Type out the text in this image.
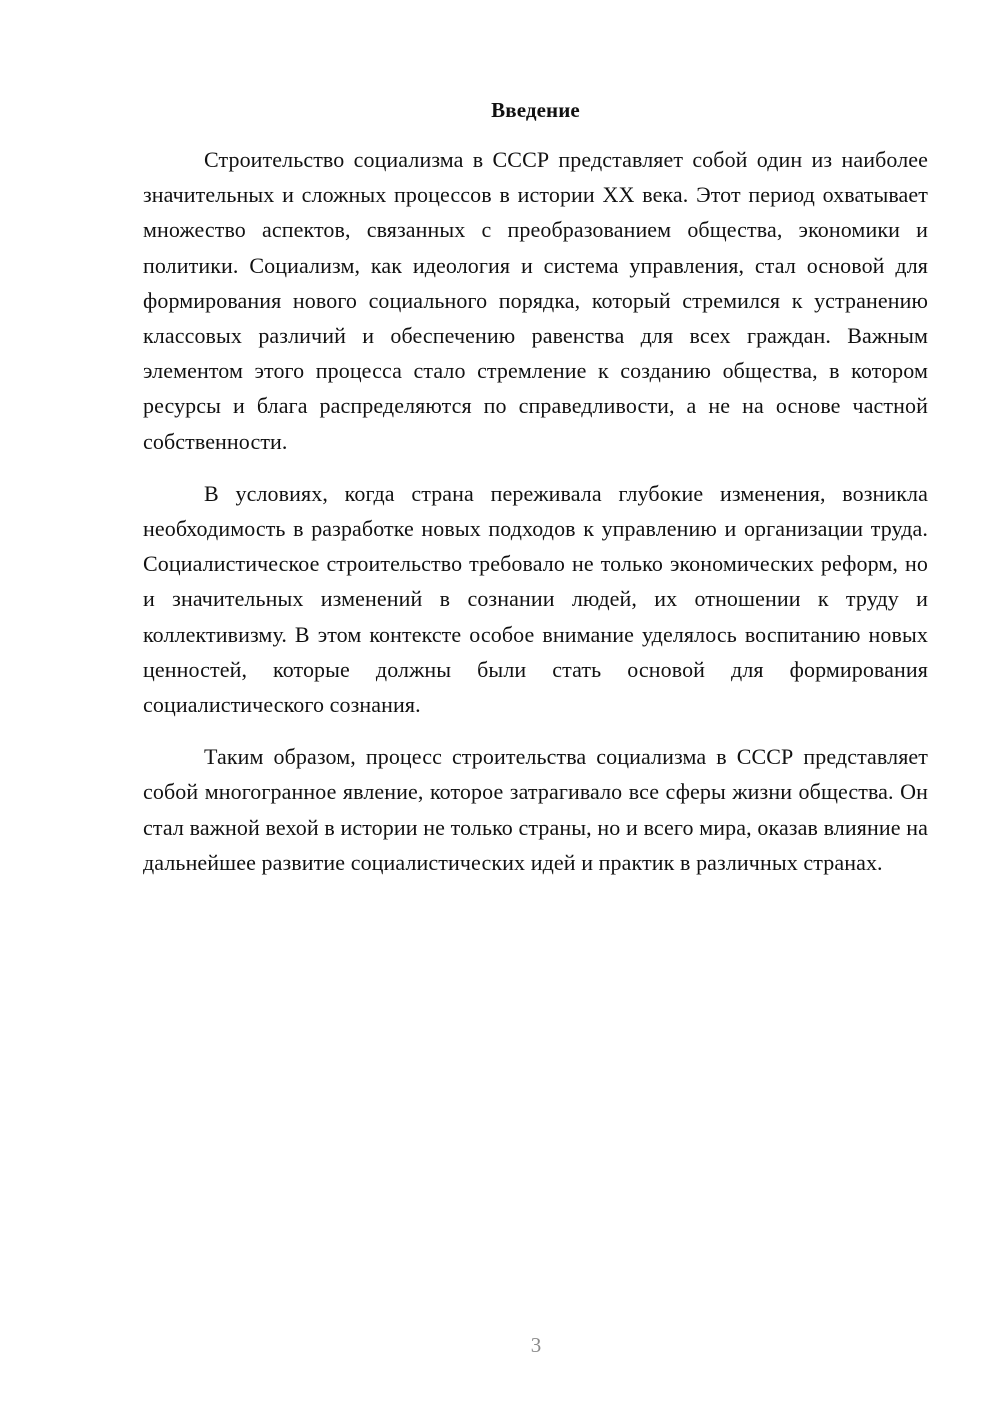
Введение

Строительство социализма в СССР представляет собой один из наиболее значительных и сложных процессов в истории XX века. Этот период охватывает множество аспектов, связанных с преобразованием общества, экономики и политики. Социализм, как идеология и система управления, стал основой для формирования нового социального порядка, который стремился к устранению классовых различий и обеспечению равенства для всех граждан. Важным элементом этого процесса стало стремление к созданию общества, в котором ресурсы и блага распределяются по справедливости, а не на основе частной собственности.

В условиях, когда страна переживала глубокие изменения, возникла необходимость в разработке новых подходов к управлению и организации труда. Социалистическое строительство требовало не только экономических реформ, но и значительных изменений в сознании людей, их отношении к труду и коллективизму. В этом контексте особое внимание уделялось воспитанию новых ценностей, которые должны были стать основой для формирования социалистического сознания.

Таким образом, процесс строительства социализма в СССР представляет собой многогранное явление, которое затрагивало все сферы жизни общества. Он стал важной вехой в истории не только страны, но и всего мира, оказав влияние на дальнейшее развитие социалистических идей и практик в различных странах.

3
